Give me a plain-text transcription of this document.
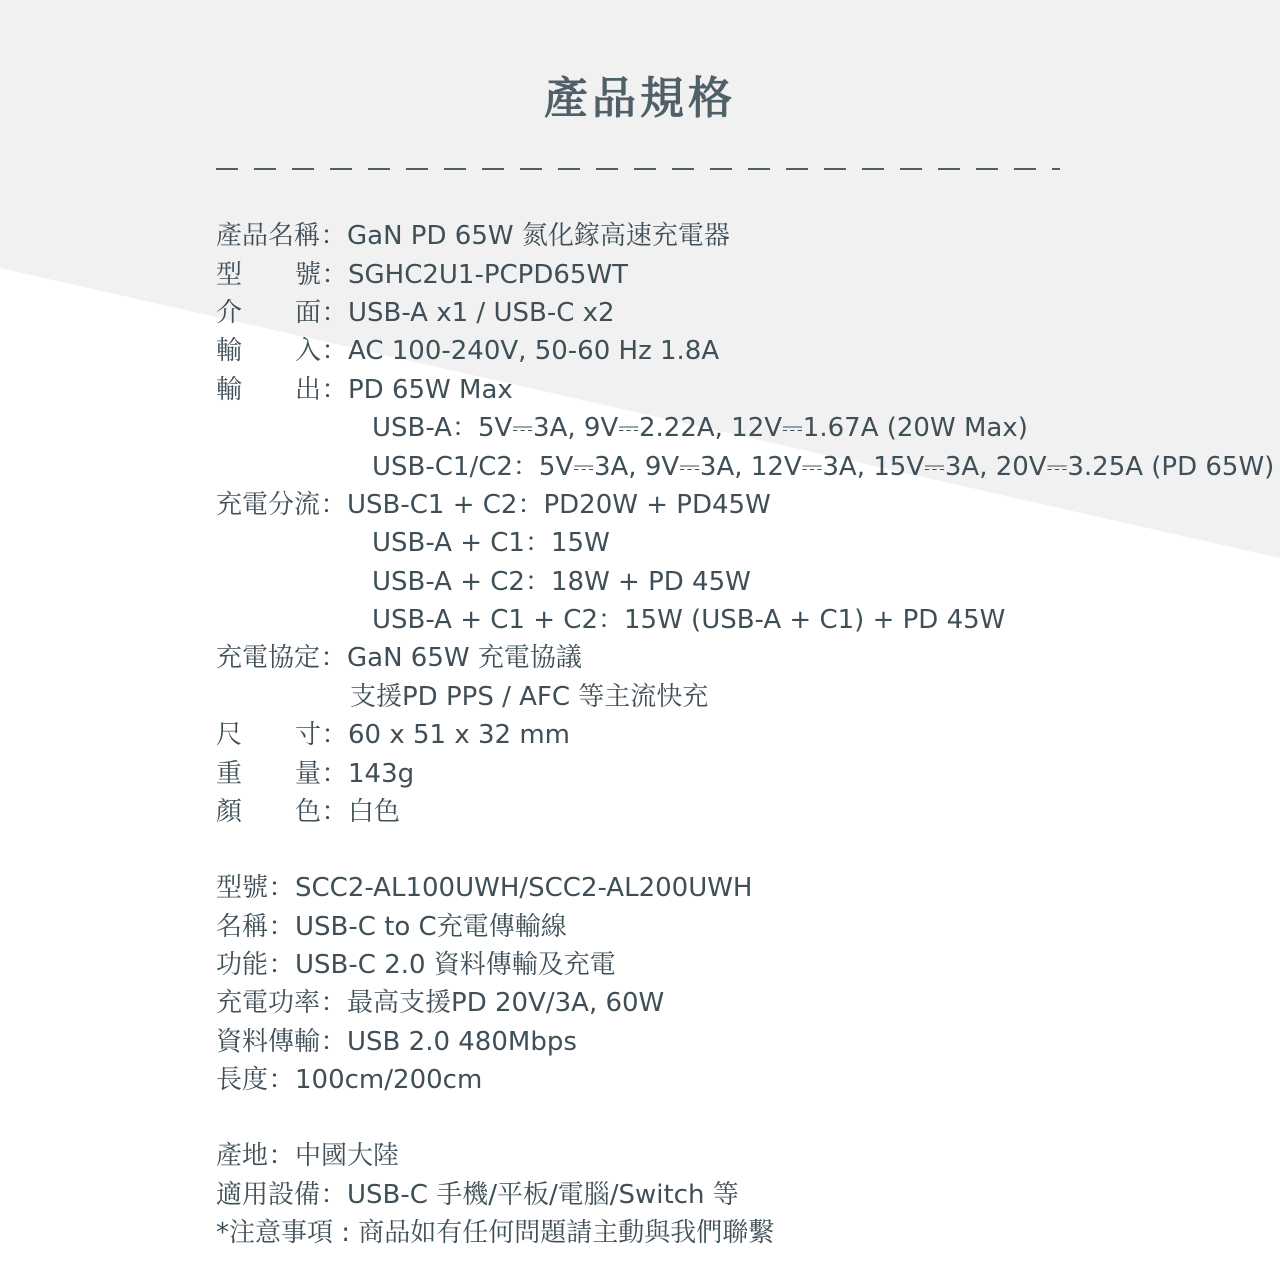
產品規格
產品名稱 ： GaN PD 65W 氮化鎵高速充電器
型 號 ： SGHC2U1-PCPD65WT
介 面 ： USB-A x1 / USB-C x2
輸 入 ： AC 100-240V, 50-60 Hz 1.8A
輸 出 ： PD 65W Max
USB-A：5V⎓3A, 9V⎓2.22A, 12V⎓1.67A (20W Max)
USB-C1/C2：5V⎓3A, 9V⎓3A, 12V⎓3A, 15V⎓3A, 20V⎓3.25A (PD 65W)
充電分流 ： USB-C1 + C2：PD20W + PD45W
USB-A + C1：15W
USB-A + C2：18W + PD 45W
USB-A + C1 + C2：15W (USB-A + C1) + PD 45W
充電協定 ： GaN 65W 充電協議
支援PD PPS / AFC 等主流快充
尺 寸 ： 60 x 51 x 32 mm
重 量 ： 143g
顏 色 ： 白色
型號 ： SCC2-AL100UWH/SCC2-AL200UWH
名稱 ： USB-C to C充電傳輸線
功能 ： USB-C 2.0 資料傳輸及充電
充電功率 ： 最高支援PD 20V/3A, 60W
資料傳輸 ： USB 2.0 480Mbps
長度 ： 100cm/200cm
產地 ： 中國大陸
適用設備 ： USB-C 手機/平板/電腦/Switch 等
*注意事項 : 商品如有任何問題請主動與我們聯繫
